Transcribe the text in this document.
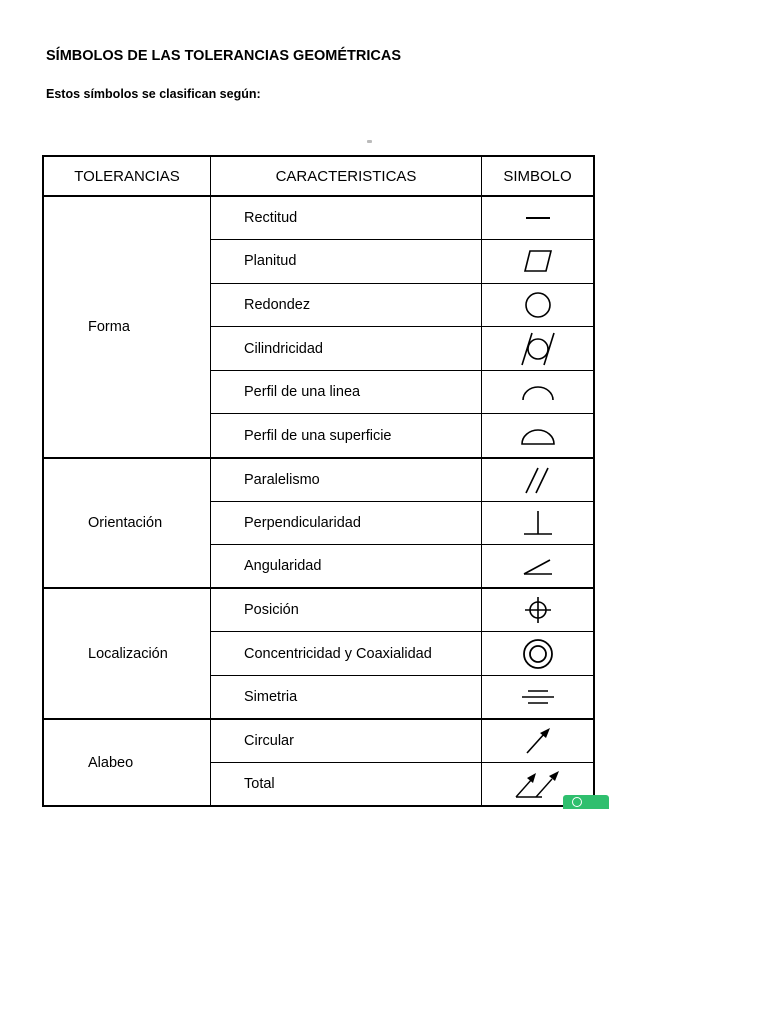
SÍMBOLOS DE LAS TOLERANCIAS GEOMÉTRICAS
Estos símbolos se clasifican según:
TOLERANCIAS	CARACTERISTICAS	SIMBOLO
Forma	Rectitud	

	Planitud	

	Redondez	

	Cilindricidad	

	Perfil de una linea	

	Perfil de una superficie	

Orientación	Paralelismo	

	Perpendicularidad	

	Angularidad	

Localización	Posición	

	Concentricidad y Coaxialidad	

	Simetria	

Alabeo	Circular	

	Total	
